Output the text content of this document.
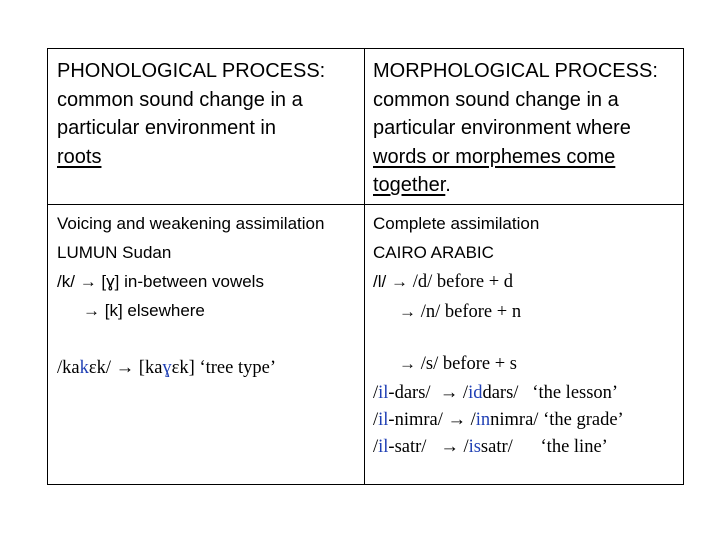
PHONOLOGICAL PROCESS:
common sound change in a
particular environment in
roots
MORPHOLOGICAL PROCESS:
common sound change in a
particular environment where
words or morphemes come
together.
Voicing and weakening assimilation
LUMUN Sudan
/k/ → [ɣ] in-between vowels
→ [k] elsewhere
/kakɛk/ → [kaɣɛk] ‘tree type’
Complete assimilation
CAIRO ARABIC
/l/ → /d/ before + d
→ /n/ before + n
→ /s/ before + s
/il-dars/  → /iddars/   ‘the lesson’
/il-nimra/ → /innimra/ ‘the grade’
/il-satr/   → /issatr/      ‘the line’
